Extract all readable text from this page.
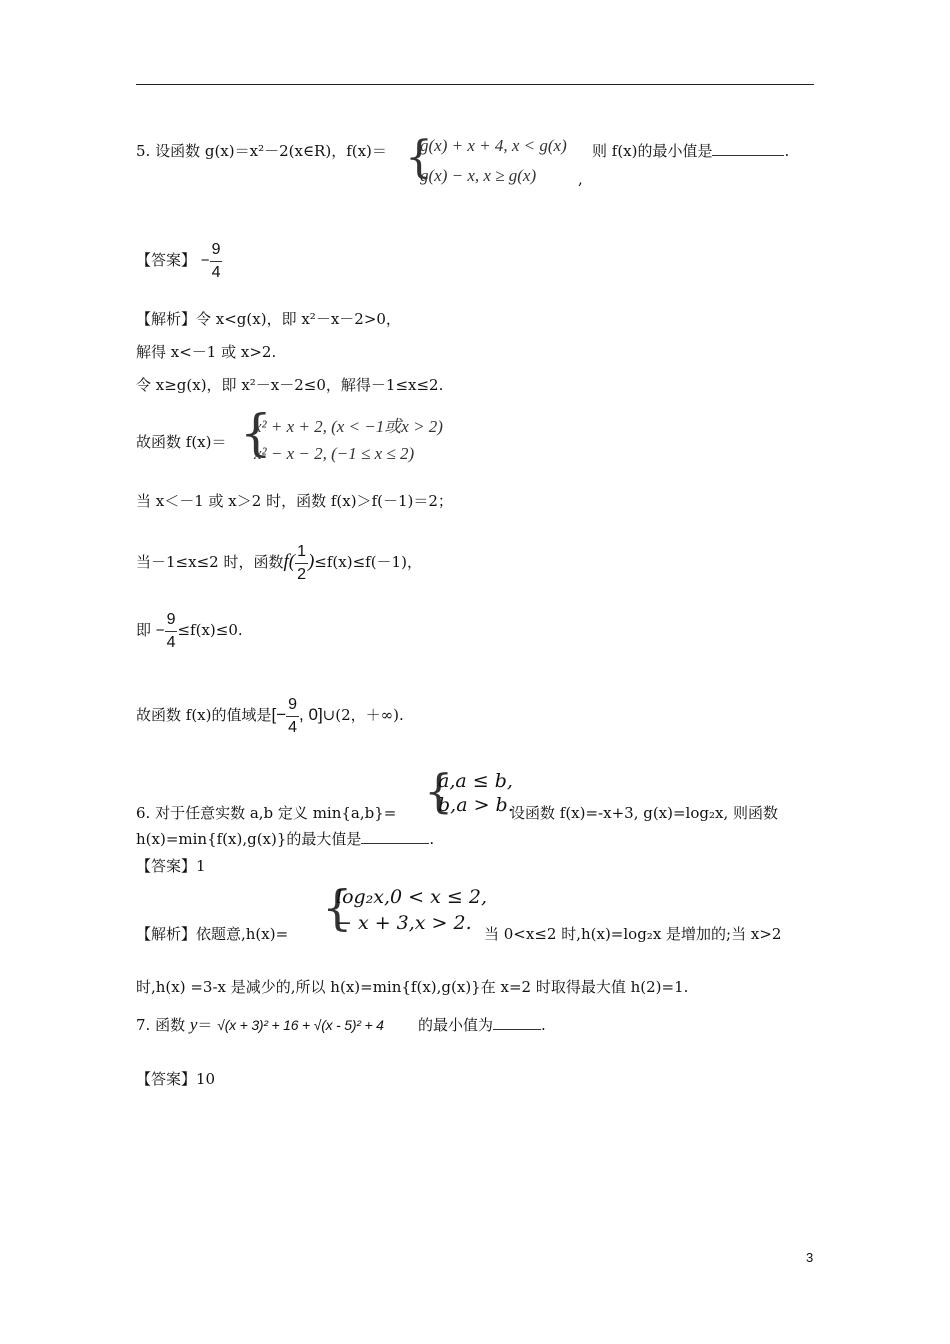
5. 设函数 g(x)＝x²－2(x∈R)，f(x)＝ {
g(x) + x + 4, x < g(x)
g(x) − x, x ≥ g(x)	,
则 f(x)的最小值是	.
【答案】 − $\frac{9}{4}$
【解析】令 x<g(x)，即 x²－x－2>0，
解得 x<－1 或 x>2.
令 x≥g(x)，即 x²－x－2≤0，解得－1≤x≤2.
故函数 f(x)＝ {
x² + x + 2, (x < −1或x > 2)
x² − x − 2, (−1 ≤ x ≤ 2)
当 x＜－1 或 x＞2 时，函数 f(x)＞f(－1)＝2；
当－1≤x≤2 时，函数$f( \frac{1}{2} )\le f(x)\le f(-1)$，
即 − $\frac{9}{4} \le f(x)\le 0$.
故函数 f(x)的值域是[− $\frac{9}{4}$ , 0]∪(2，＋∞).
{
a,a ≤ b,
b,a > b.
6. 对于任意实数 a,b 定义 min{a,b}=	设函数 f(x)=-x+3, g(x)=log₂x, 则函数
h(x)=min{f(x),g(x)}的最大值是	.
【答案】1
{
log₂x,0 < x ≤ 2,
− x + 3,x > 2.
【解析】依题意,h(x)=	当 0<x≤2 时,h(x)=log₂x 是增加的;当 x>2
时,h(x) =3-x 是减少的,所以 h(x)=min{f(x),g(x)}在 x=2 时取得最大值 h(2)=1.
7. 函数 y＝ √(x + 3)² + 16 + √(x - 5)² + 4 的最小值为	.
【答案】10
3
